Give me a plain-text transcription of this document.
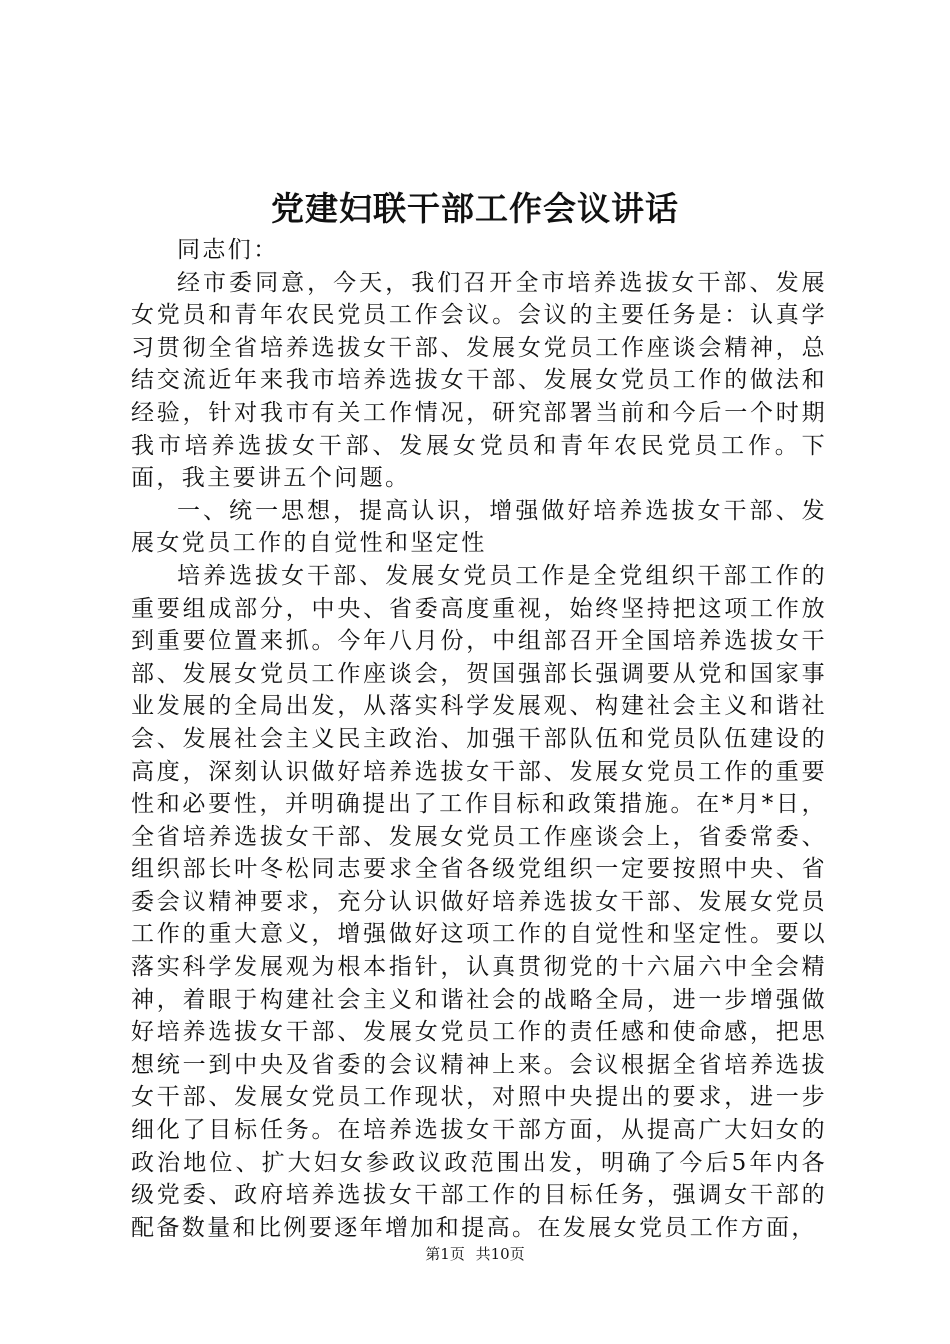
党建妇联干部工作会议讲话

同志们：

经市委同意，今天，我们召开全市培养选拔女干部、发展女党员和青年农民党员工作会议。会议的主要任务是：认真学习贯彻全省培养选拔女干部、发展女党员工作座谈会精神，总结交流近年来我市培养选拔女干部、发展女党员工作的做法和经验，针对我市有关工作情况，研究部署当前和今后一个时期我市培养选拔女干部、发展女党员和青年农民党员工作。下面，我主要讲五个问题。

一、统一思想，提高认识，增强做好培养选拔女干部、发展女党员工作的自觉性和坚定性

培养选拔女干部、发展女党员工作是全党组织干部工作的重要组成部分，中央、省委高度重视，始终坚持把这项工作放到重要位置来抓。今年八月份，中组部召开全国培养选拔女干部、发展女党员工作座谈会，贺国强部长强调要从党和国家事业发展的全局出发，从落实科学发展观、构建社会主义和谐社会、发展社会主义民主政治、加强干部队伍和党员队伍建设的高度，深刻认识做好培养选拔女干部、发展女党员工作的重要性和必要性，并明确提出了工作目标和政策措施。在*月*日，全省培养选拔女干部、发展女党员工作座谈会上，省委常委、组织部长叶冬松同志要求全省各级党组织一定要按照中央、省委会议精神要求，充分认识做好培养选拔女干部、发展女党员工作的重大意义，增强做好这项工作的自觉性和坚定性。要以落实科学发展观为根本指针，认真贯彻党的十六届六中全会精神，着眼于构建社会主义和谐社会的战略全局，进一步增强做好培养选拔女干部、发展女党员工作的责任感和使命感，把思想统一到中央及省委的会议精神上来。会议根据全省培养选拔女干部、发展女党员工作现状，对照中央提出的要求，进一步细化了目标任务。在培养选拔女干部方面，从提高广大妇女的政治地位、扩大妇女参政议政范围出发，明确了今后5年内各级党委、政府培养选拔女干部工作的目标任务，强调女干部的配备数量和比例要逐年增加和提高。在发展女党员工作方面，

第1页 共10页
